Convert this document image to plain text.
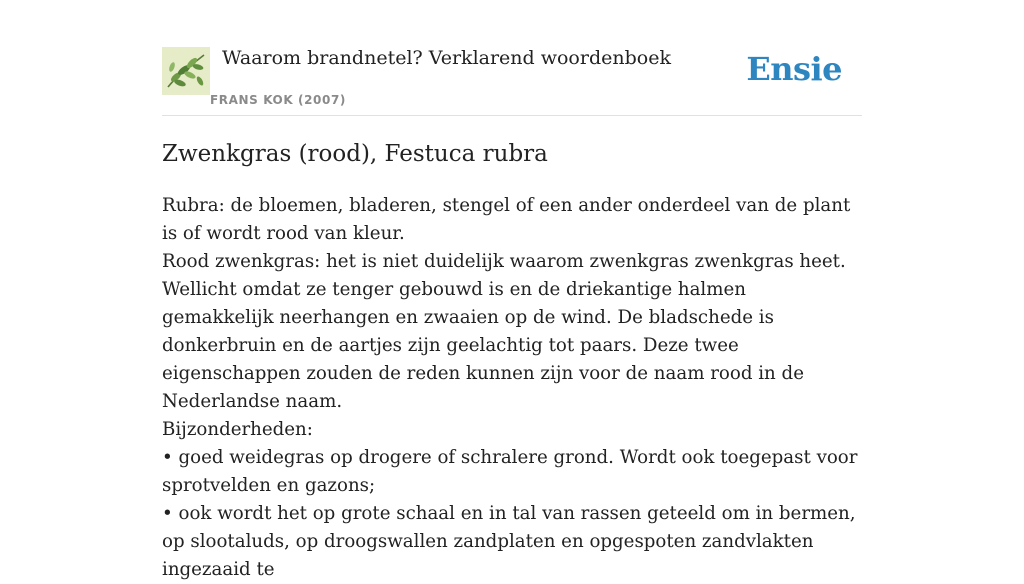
Waarom brandnetel? Verklarend woordenboek
FRANS KOK (2007)
Ensie
Zwenkgras (rood), Festuca rubra

Rubra: de bloemen, bladeren, stengel of een ander onderdeel van de plant is of wordt rood van kleur.
Rood zwenkgras: het is niet duidelijk waarom zwenkgras zwenkgras heet. Wellicht omdat ze tenger gebouwd is en de driekantige halmen gemakkelijk neerhangen en zwaaien op de wind. De bladschede is donkerbruin en de aartjes zijn geelachtig tot paars. Deze twee eigenschappen zouden de reden kunnen zijn voor de naam rood in de Nederlandse naam.
Bijzonderheden:
• goed weidegras op drogere of schralere grond. Wordt ook toegepast voor sprotvelden en gazons;
• ook wordt het op grote schaal en in tal van rassen geteeld om in bermen, op slootaluds, op droogswallen zandplaten en opgespoten zandvlakten ingezaaid te
